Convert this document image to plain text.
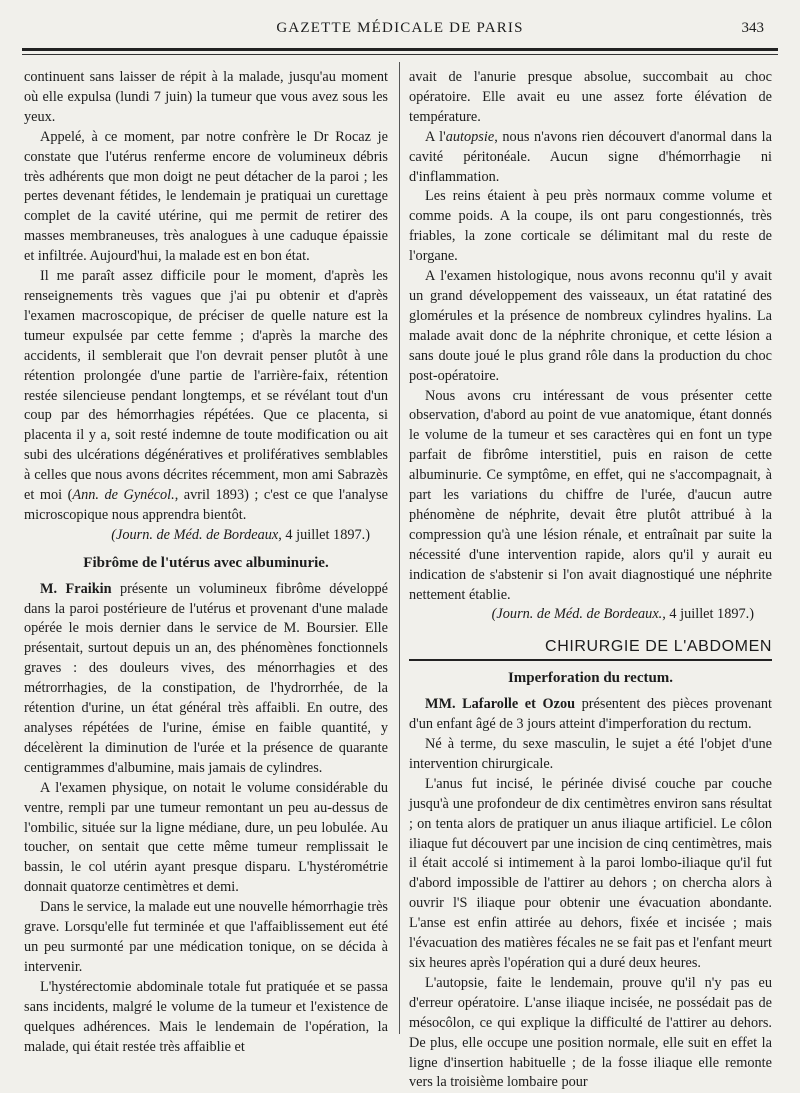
GAZETTE MÉDICALE DE PARIS	343

continuent sans laisser de répit à la malade, jusqu'au moment où elle expulsa (lundi 7 juin) la tumeur que vous avez sous les yeux.

Appelé, à ce moment, par notre confrère le Dr Rocaz je constate que l'utérus renferme encore de volumineux débris très adhérents que mon doigt ne peut détacher de la paroi ; les pertes devenant fétides, le lendemain je pratiquai un curettage complet de la cavité utérine, qui me permit de retirer des masses membraneuses, très analogues à une caduque épaissie et infiltrée. Aujourd'hui, la malade est en bon état.

Il me paraît assez difficile pour le moment, d'après les renseignements très vagues que j'ai pu obtenir et d'après l'examen macroscopique, de préciser de quelle nature est la tumeur expulsée par cette femme ; d'après la marche des accidents, il semblerait que l'on devrait penser plutôt à une rétention prolongée d'une partie de l'arrière-faix, rétention restée silencieuse pendant longtemps, et se révélant tout d'un coup par des hémorrhagies répétées. Que ce placenta, si placenta il y a, soit resté indemne de toute modification ou ait subi des ulcérations dégénératives et prolifératives semblables à celles que nous avons décrites récemment, mon ami Sabrazès et moi (Ann. de Gynécol., avril 1893) ; c'est ce que l'analyse microscopique nous apprendra bientôt.

(Journ. de Méd. de Bordeaux, 4 juillet 1897.)

Fibrôme de l'utérus avec albuminurie.

M. Fraikin présente un volumineux fibrôme développé dans la paroi postérieure de l'utérus et provenant d'une malade opérée le mois dernier dans le service de M. Boursier. Elle présentait, surtout depuis un an, des phénomènes fonctionnels graves : des douleurs vives, des ménorrhagies et des métrorrhagies, de la constipation, de l'hydrorrhée, de la rétention d'urine, un état général très affaibli. En outre, des analyses répétées de l'urine, émise en faible quantité, y décelèrent la diminution de l'urée et la présence de quarante centigrammes d'albumine, mais jamais de cylindres.

A l'examen physique, on notait le volume considérable du ventre, rempli par une tumeur remontant un peu au-dessus de l'ombilic, située sur la ligne médiane, dure, un peu lobulée. Au toucher, on sentait que cette même tumeur remplissait le bassin, le col utérin ayant presque disparu. L'hystérométrie donnait quatorze centimètres et demi.

Dans le service, la malade eut une nouvelle hémorrhagie très grave. Lorsqu'elle fut terminée et que l'affaiblissement eut été un peu surmonté par une médication tonique, on se décida à intervenir.

L'hystérectomie abdominale totale fut pratiquée et se passa sans incidents, malgré le volume de la tumeur et l'existence de quelques adhérences. Mais le lendemain de l'opération, la malade, qui était restée très affaiblie et

avait de l'anurie presque absolue, succombait au choc opératoire. Elle avait eu une assez forte élévation de température.

A l'autopsie, nous n'avons rien découvert d'anormal dans la cavité péritonéale. Aucun signe d'hémorrhagie ni d'inflammation.

Les reins étaient à peu près normaux comme volume et comme poids. A la coupe, ils ont paru congestionnés, très friables, la zone corticale se délimitant mal du reste de l'organe.

A l'examen histologique, nous avons reconnu qu'il y avait un grand développement des vaisseaux, un état ratatiné des glomérules et la présence de nombreux cylindres hyalins. La malade avait donc de la néphrite chronique, et cette lésion a sans doute joué le plus grand rôle dans la production du choc post-opératoire.

Nous avons cru intéressant de vous présenter cette observation, d'abord au point de vue anatomique, étant donnés le volume de la tumeur et ses caractères qui en font un type parfait de fibrôme interstitiel, puis en raison de cette albuminurie. Ce symptôme, en effet, qui ne s'accompagnait, à part les variations du chiffre de l'urée, d'aucun autre phénomène de néphrite, devait être plutôt attribué à la compression qu'à une lésion rénale, et entraînait par suite la nécessité d'une intervention rapide, alors qu'il y aurait eu indication de s'abstenir si l'on avait diagnostiqué une néphrite nettement établie.

(Journ. de Méd. de Bordeaux., 4 juillet 1897.)

CHIRURGIE DE L'ABDOMEN
Imperforation du rectum.

MM. Lafarolle et Ozou présentent des pièces provenant d'un enfant âgé de 3 jours atteint d'imperforation du rectum.

Né à terme, du sexe masculin, le sujet a été l'objet d'une intervention chirurgicale.

L'anus fut incisé, le périnée divisé couche par couche jusqu'à une profondeur de dix centimètres environ sans résultat ; on tenta alors de pratiquer un anus iliaque artificiel. Le côlon iliaque fut découvert par une incision de cinq centimètres, mais il était accolé si intimement à la paroi lombo-iliaque qu'il fut d'abord impossible de l'attirer au dehors ; on chercha alors à ouvrir l'S iliaque pour obtenir une évacuation abondante. L'anse est enfin attirée au dehors, fixée et incisée ; mais l'évacuation des matières fécales ne se fait pas et l'enfant meurt six heures après l'opération qui a duré deux heures.

L'autopsie, faite le lendemain, prouve qu'il n'y pas eu d'erreur opératoire. L'anse iliaque incisée, ne possédait pas de mésocôlon, ce qui explique la difficulté de l'attirer au dehors. De plus, elle occupe une position normale, elle suit en effet la ligne d'insertion habituelle ; de la fosse iliaque elle remonte vers la troisième lombaire pour
